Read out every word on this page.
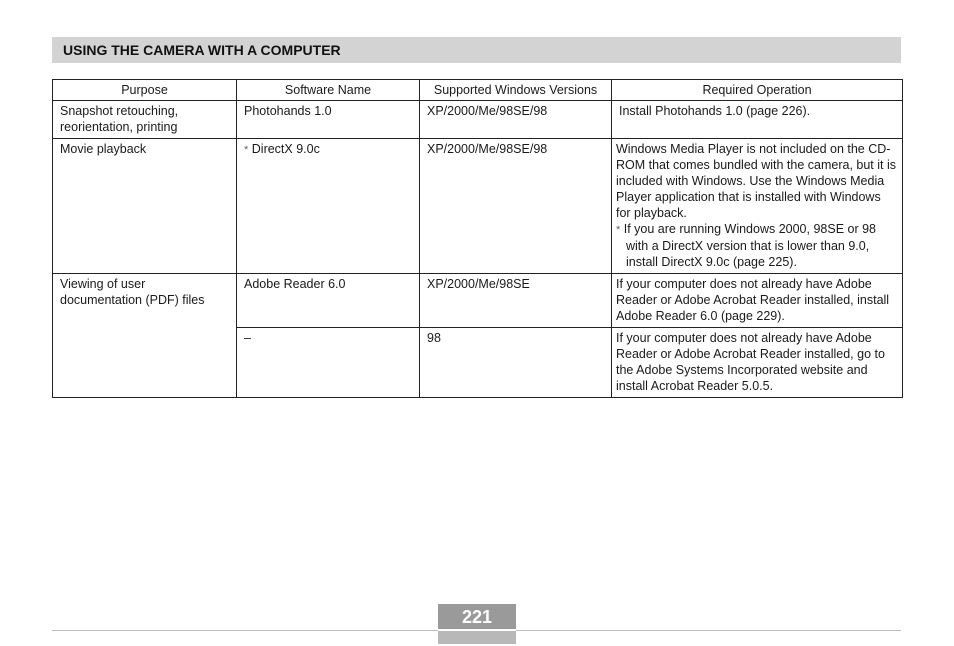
USING THE CAMERA WITH A COMPUTER
Purpose	Software Name	Supported Windows Versions	Required Operation
Snapshot retouching, reorientation, printing	Photohands 1.0	XP/2000/Me/98SE/98	Install Photohands 1.0 (page 226).
Movie playback	* DirectX 9.0c	XP/2000/Me/98SE/98	Windows Media Player is not included on the CD-ROM that comes bundled with the camera, but it is included with Windows. Use the Windows Media Player application that is installed with Windows for playback.
* If you are running Windows 2000, 98SE or 98 with a DirectX version that is lower than 9.0, install DirectX 9.0c (page 225).

Viewing of user documentation (PDF) files	Adobe Reader 6.0	XP/2000/Me/98SE	If your computer does not already have Adobe Reader or Adobe Acrobat Reader installed, install Adobe Reader 6.0 (page 229).
	–	98	If your computer does not already have Adobe Reader or Adobe Acrobat Reader installed, go to the Adobe Systems Incorporated website and install Acrobat Reader 5.0.5.
221
